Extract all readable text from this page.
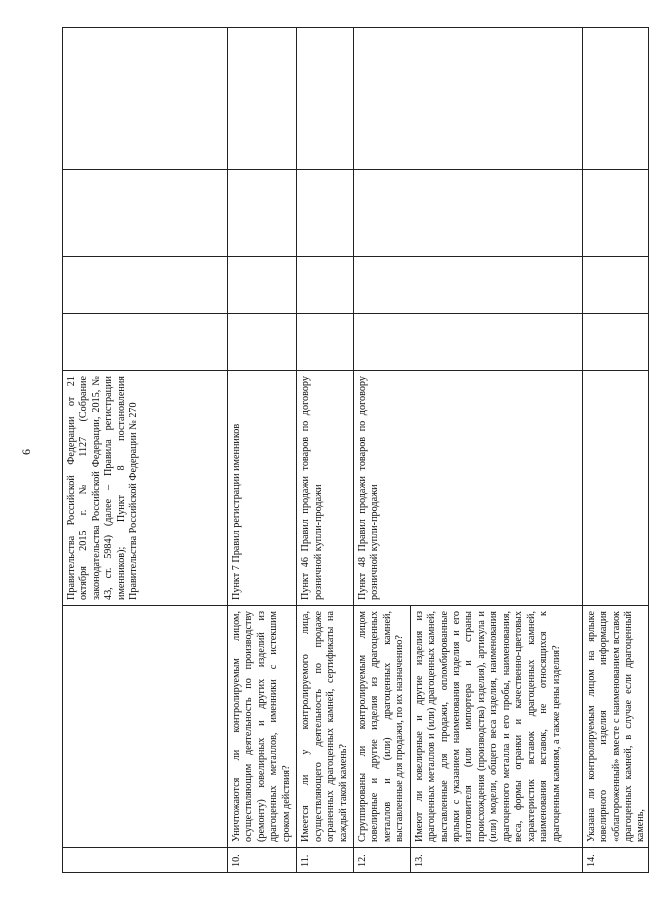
6
			Правительства Российской Федерации от 21 октября 2015 г. № 1127 (Собрание законодательства Российской Федерации, 2015, № 43, ст. 5984) (далее – Правила регистрации именников); Пункт 8 постановления Правительства Российской Федерации № 270				
10.	Уничтожаются ли контролируемым лицом, осуществляющим деятельность по производству (ремонту) ювелирных и других изделий из драгоценных металлов, именники с истекшим сроком действия?	Пункт 7 Правил регистрации именников				
11.	Имеется ли у контролируемого лица, осуществляющего деятельность по продаже ограненных драгоценных камней, сертификаты на каждый такой камень?	Пункт 46 Правил продажи товаров по договору розничной купли-продажи				
12.	Сгруппированы ли контролируемым лицом ювелирные и другие изделия из драгоценных металлов и (или) драгоценных камней, выставленные для продажи, по их назначению?	Пункт 48 Правил продажи товаров по договору розничной купли-продажи				
13.	Имеют ли ювелирные и другие изделия из драгоценных металлов и (или) драгоценных камней, выставленные для продажи, опломбированные ярлыки с указанием наименования изделия и его изготовителя (или импортера и страны происхождения (производства) изделия), артикула и (или) модели, общего веса изделия, наименования драгоценного металла и его пробы, наименования, веса, формы огранки и качественно-цветовых характеристик вставок драгоценных камней, наименования вставок, не относящихся к драгоценным камням, а также цены изделия?					
14.	Указана ли контролируемым лицом на ярлыке ювелирного изделия информация «облагороженный» вместе с наименованием вставок драгоценных камней, в случае если драгоценный камень,					
